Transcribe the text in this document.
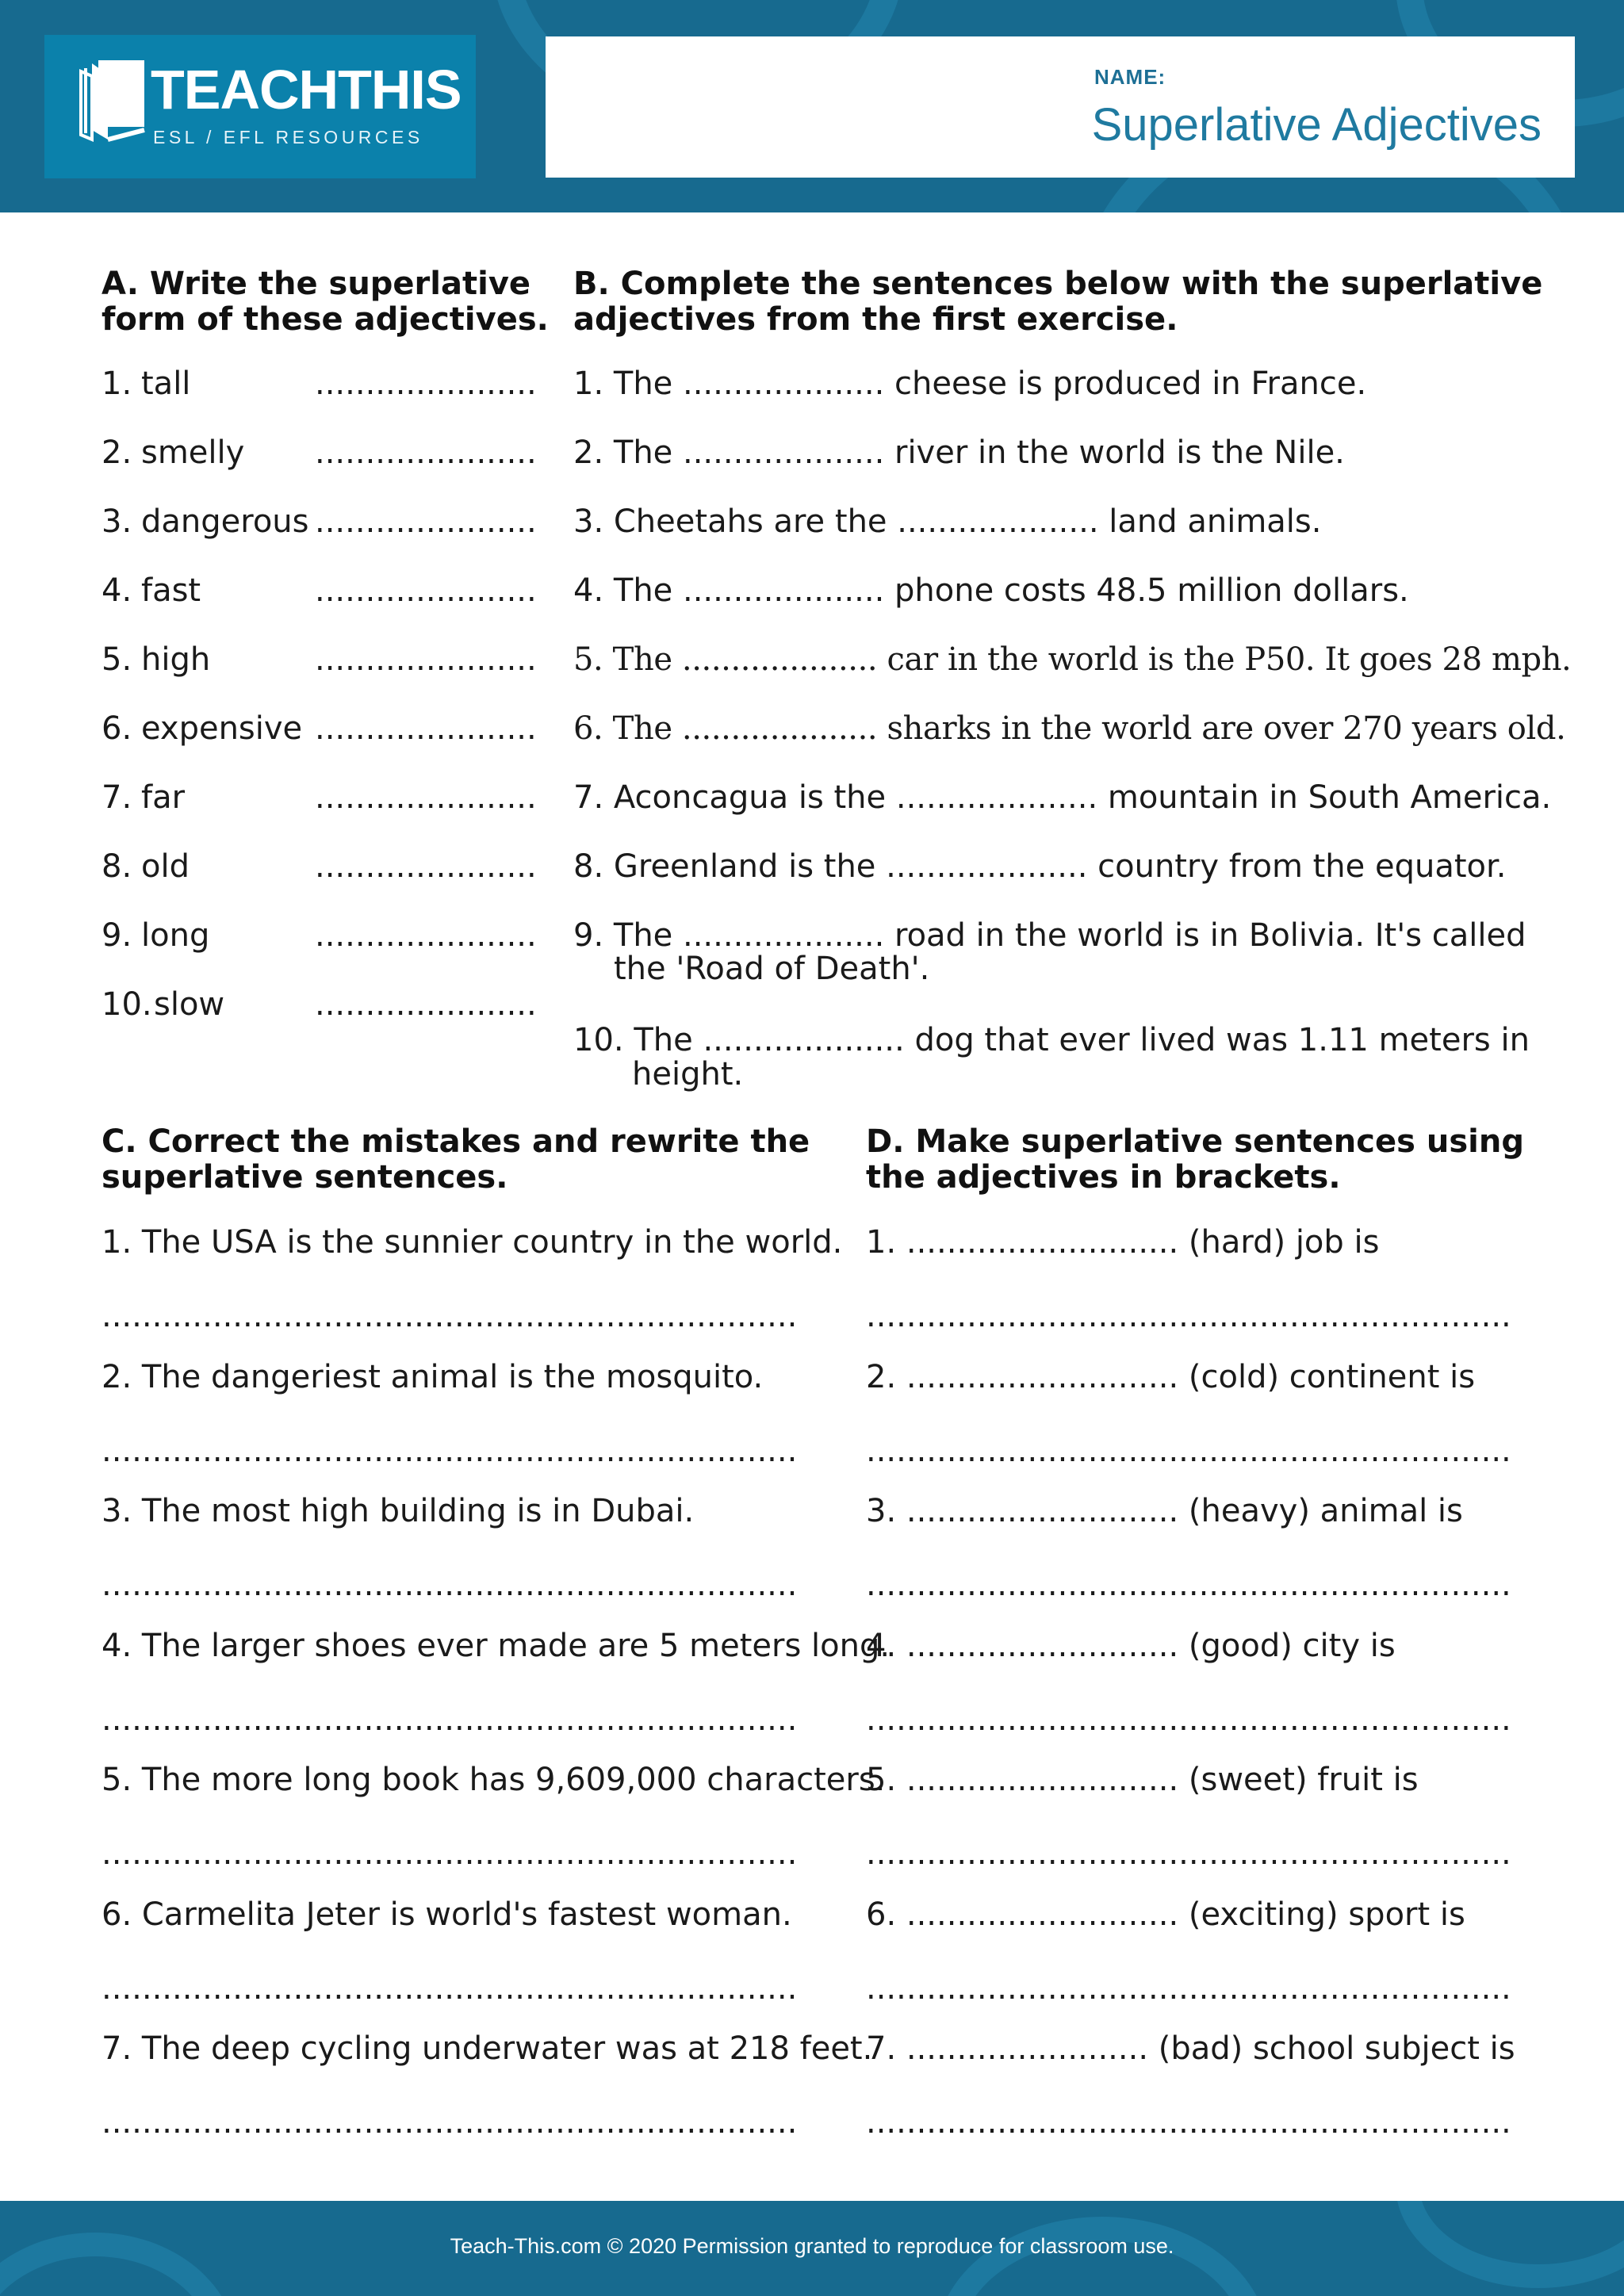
TEACHTHIS
ESL / EFL RESOURCES
NAME:
Superlative Adjectives
A. Write the superlative
form of these adjectives.
1. tall	......................
2. smelly ......................
3. dangerous ......................
4. fast	......................
5. high	......................
6. expensive ......................
7. far	......................
8. old	......................
9. long	......................
10. slow	......................
B. Complete the sentences below with the superlative
adjectives from the first exercise.
1. The .................... cheese is produced in France.
2. The .................... river in the world is the Nile.
3. Cheetahs are the .................... land animals.
4. The .................... phone costs 48.5 million dollars.
5. The .................... car in the world is the P50. It goes 28 mph.
6. The .................... sharks in the world are over 270 years old.
7. Aconcagua is the .................... mountain in South America.
8. Greenland is the .................... country from the equator.
9. The .................... road in the world is in Bolivia. It's called
the 'Road of Death'.
10. The .................... dog that ever lived was 1.11 meters in
height.
C. Correct the mistakes and rewrite the
superlative sentences.
1. The USA is the sunnier country in the world.
.....................................................................
2. The dangeriest animal is the mosquito.
.....................................................................
3. The most high building is in Dubai.
.....................................................................
4. The larger shoes ever made are 5 meters long.
.....................................................................
5. The more long book has 9,609,000 characters.
.....................................................................
6. Carmelita Jeter is world's fastest woman.
.....................................................................
7. The deep cycling underwater was at 218 feet.
.....................................................................
D. Make superlative sentences using
the adjectives in brackets.
1. ........................... (hard) job is
................................................................
2. ........................... (cold) continent is
................................................................
3. ........................... (heavy) animal is
................................................................
4. ........................... (good) city is
................................................................
5. ........................... (sweet) fruit is
................................................................
6. ........................... (exciting) sport is
................................................................
7. ........................ (bad) school subject is
................................................................
Teach-This.com © 2020 Permission granted to reproduce for classroom use.
